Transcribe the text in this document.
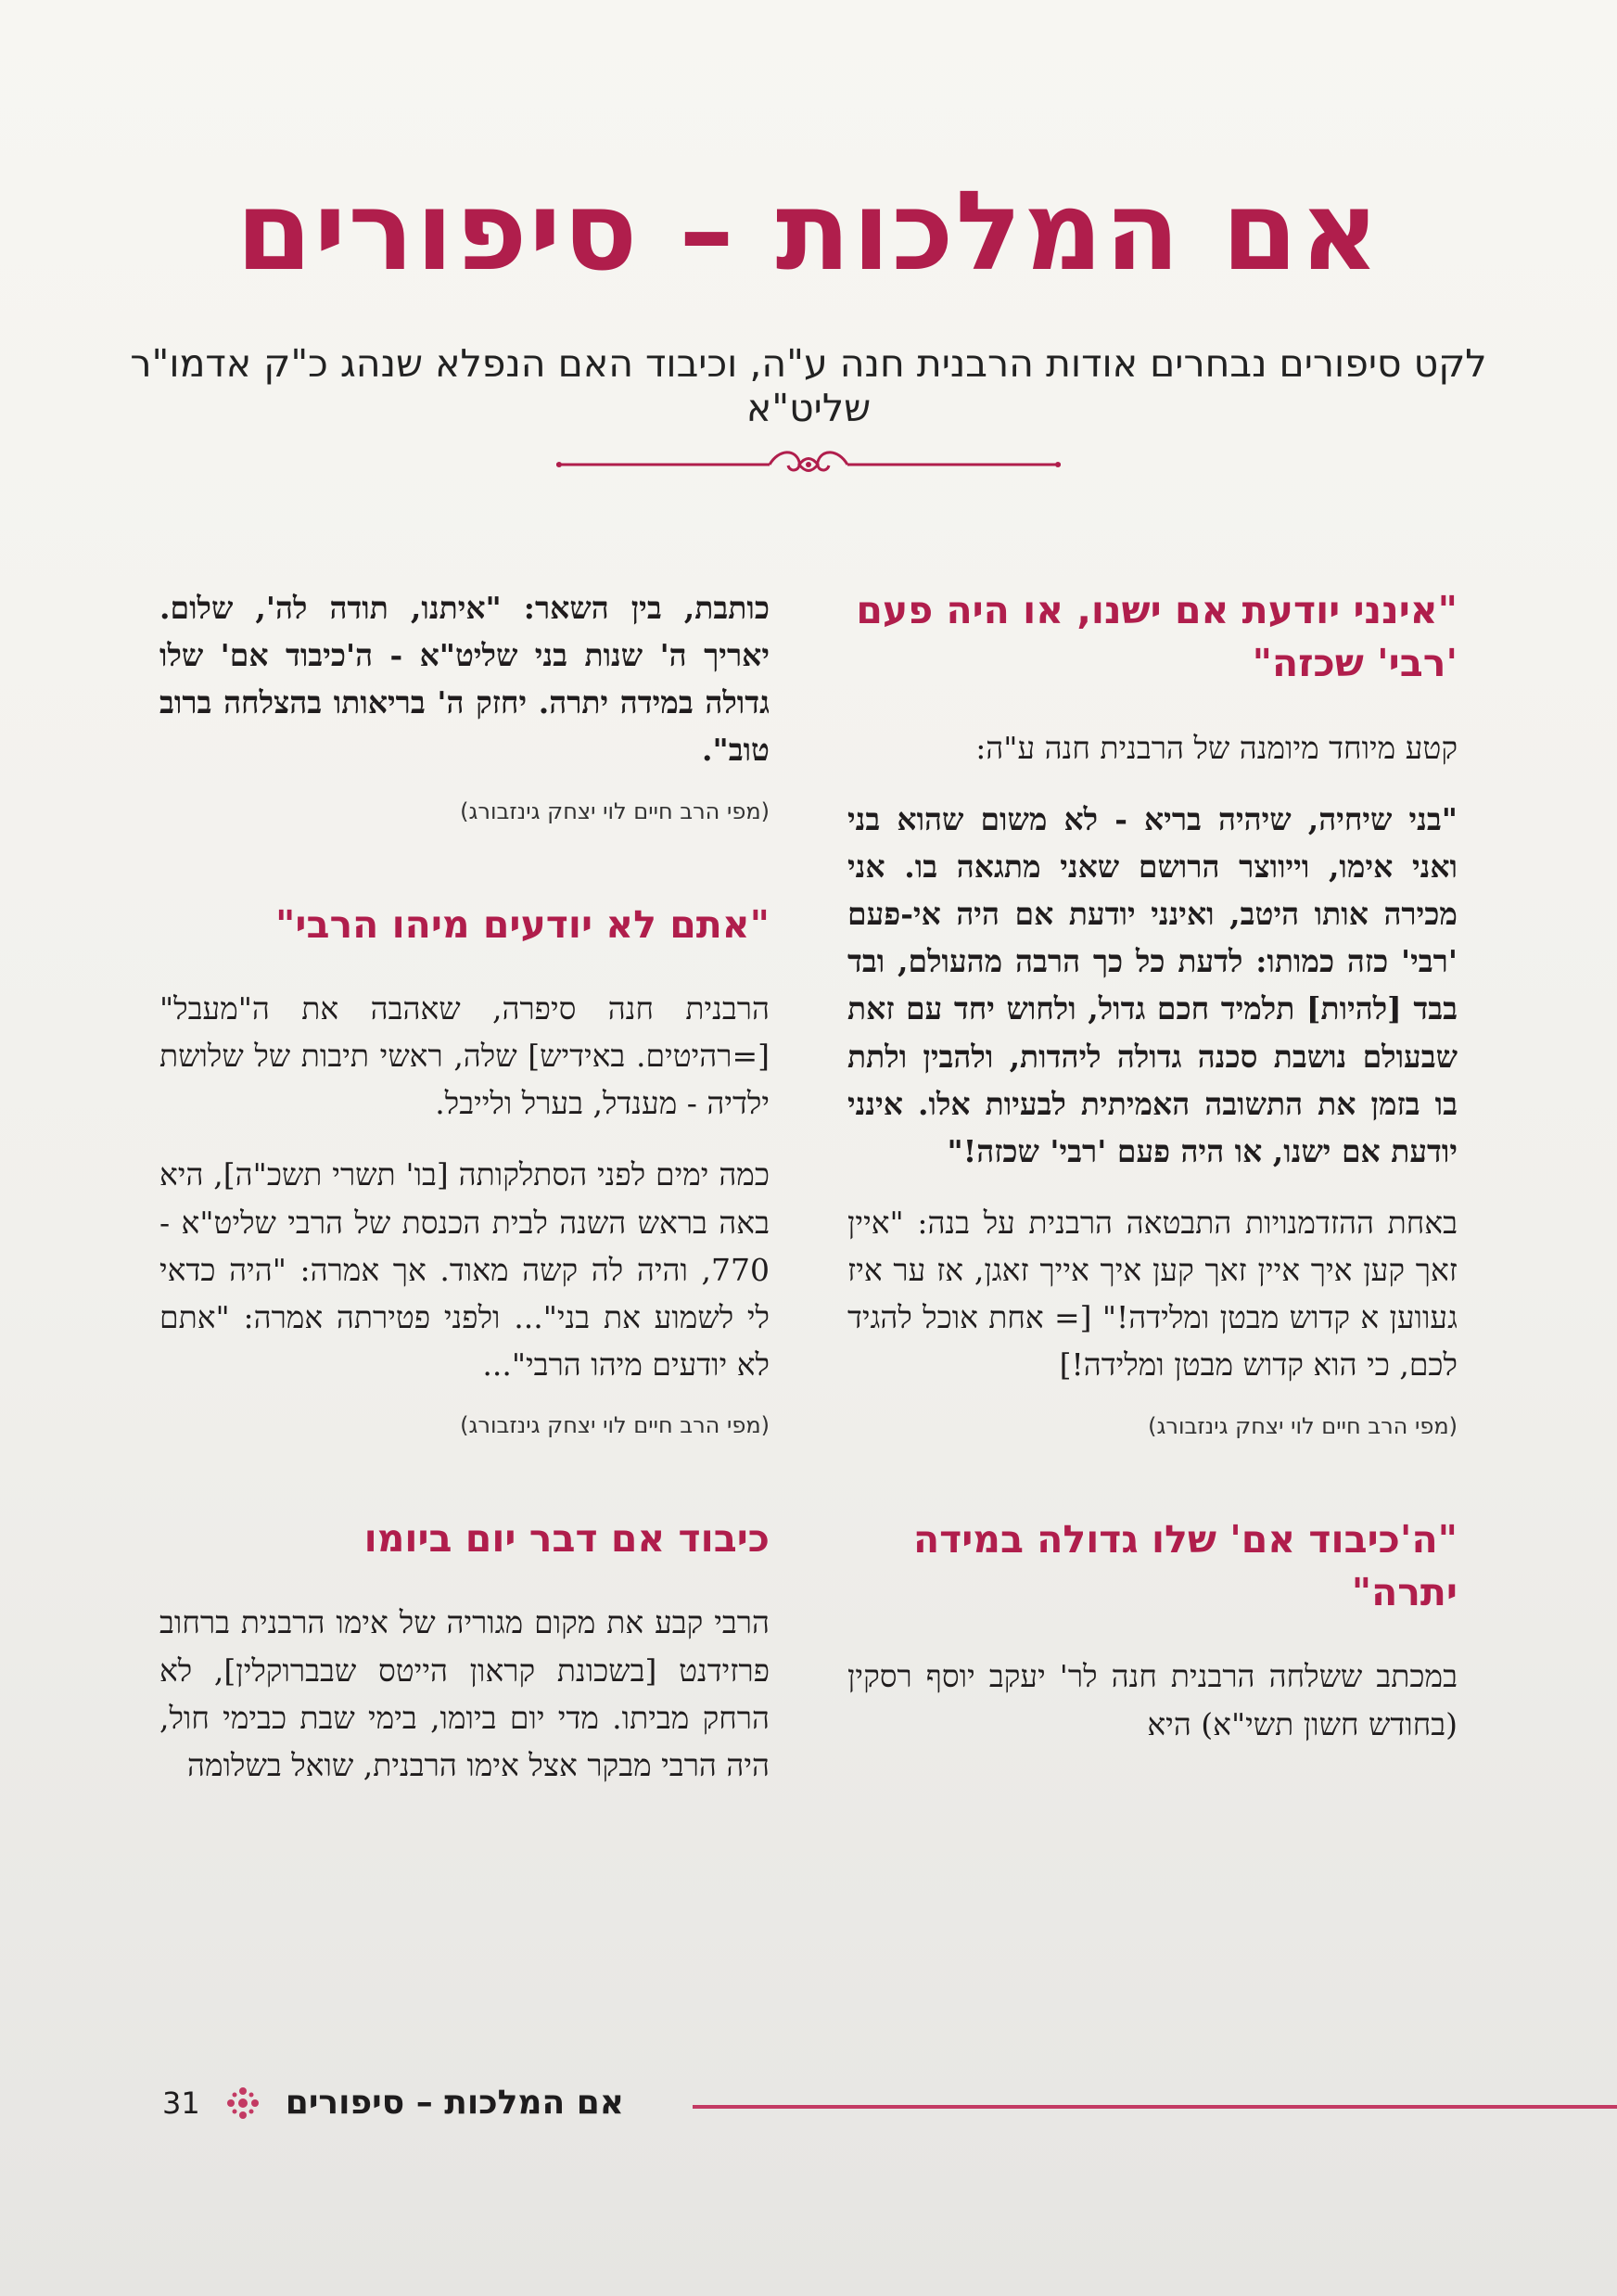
אם המלכות – סיפורים
לקט סיפורים נבחרים אודות הרבנית חנה ע"ה, וכיבוד האם הנפלא שנהג כ"ק אדמו"ר שליט"א
"אינני יודעת אם ישנו, או היה פעם 'רבי' שכזה"

קטע מיוחד מיומנה של הרבנית חנה ע"ה:

"בני שיחיה, שיהיה בריא - לא משום שהוא בני ואני אימו, וייווצר הרושם שאני מתגאה בו. אני מכירה אותו היטב, ואינני יודעת אם היה אי-פעם 'רבי' כזה כמותו: לדעת כל כך הרבה מהעולם, ובד בבד [להיות] תלמיד חכם גדול, ולחוש יחד עם זאת שבעולם נושבת סכנה גדולה ליהדות, ולהבין ולתת בו בזמן את התשובה האמיתית לבעיות אלו. אינני יודעת אם ישנו, או היה פעם 'רבי' שכזה!"

באחת ההזדמנויות התבטאה הרבנית על בנה: "איין זאך קען איך איין זאך קען איך אייך זאגן, אז ער איז געווען א קדוש מבטן ומלידה!" [= אחת אוכל להגיד לכם, כי הוא קדוש מבטן ומלידה!]

(מפי הרב חיים לוי יצחק גינזבורג)
"ה'כיבוד אם' שלו גדולה במידה יתרה"

במכתב ששלחה הרבנית חנה לר' יעקב יוסף רסקין (בחודש חשון תשי"א) היא

כותבת, בין השאר: "איתנו, תודה לה', שלום. יאריך ה' שנות בני שליט"א - ה'כיבוד אם' שלו גדולה במידה יתרה. יחזק ה' בריאותו בהצלחה ברוב טוב".

(מפי הרב חיים לוי יצחק גינזבורג)
"אתם לא יודעים מיהו הרבי"

הרבנית חנה סיפרה, שאהבה את ה"מעבל" [=רהיטים. באידיש] שלה, ראשי תיבות של שלושת ילדיה - מענדל, בערל ולייבל.

כמה ימים לפני הסתלקותה [בו' תשרי תשכ"ה], היא באה בראש השנה לבית הכנסת של הרבי שליט"א - 770, והיה לה קשה מאוד. אך אמרה: "היה כדאי לי לשמוע את בני"... ולפני פטירתה אמרה: "אתם לא יודעים מיהו הרבי"...

(מפי הרב חיים לוי יצחק גינזבורג)
כיבוד אם דבר יום ביומו

הרבי קבע את מקום מגוריה של אימו הרבנית ברחוב פרזידנט [בשכונת קראון הייטס שבברוקלין], לא הרחק מביתו. מדי יום ביומו, בימי שבת כבימי חול, היה הרבי מבקר אצל אימו הרבנית, שואל בשלומה

אם המלכות – סיפורים
31
